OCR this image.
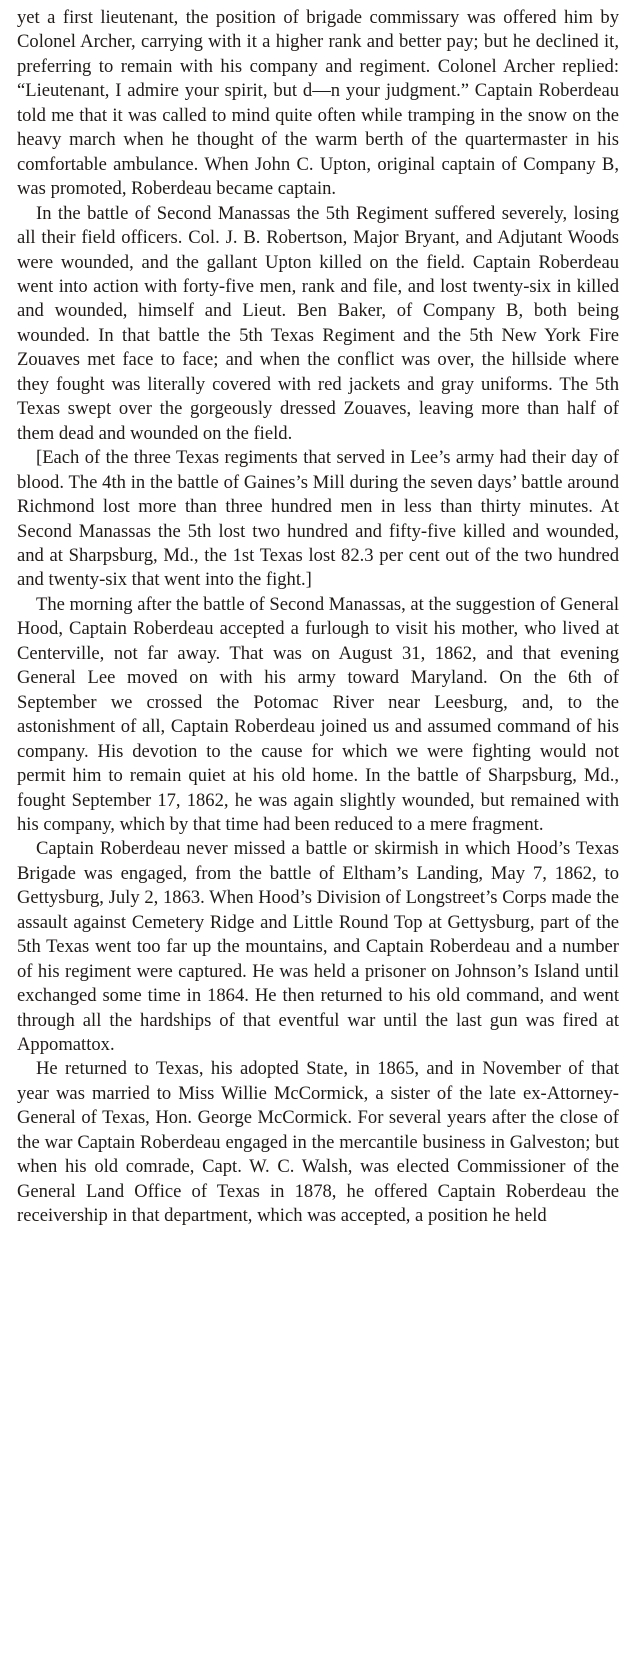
yet a first lieutenant, the position of brigade commissary was offered him by Colonel Archer, carrying with it a higher rank and better pay; but he declined it, preferring to remain with his company and regiment. Colonel Archer replied: “Lieutenant, I admire your spirit, but d—n your judgment.” Captain Roberdeau told me that it was called to mind quite often while tramping in the snow on the heavy march when he thought of the warm berth of the quartermaster in his comfortable ambulance. When John C. Upton, original captain of Company B, was promoted, Roberdeau became captain.

In the battle of Second Manassas the 5th Regiment suffered severely, losing all their field officers. Col. J. B. Robertson, Major Bryant, and Adjutant Woods were wounded, and the gallant Upton killed on the field. Captain Roberdeau went into action with forty-five men, rank and file, and lost twenty-six in killed and wounded, himself and Lieut. Ben Baker, of Company B, both being wounded. In that battle the 5th Texas Regiment and the 5th New York Fire Zouaves met face to face; and when the conflict was over, the hillside where they fought was literally covered with red jackets and gray uniforms. The 5th Texas swept over the gorgeously dressed Zouaves, leaving more than half of them dead and wounded on the field.

[Each of the three Texas regiments that served in Lee’s army had their day of blood. The 4th in the battle of Gaines’s Mill during the seven days’ battle around Richmond lost more than three hundred men in less than thirty minutes. At Second Manassas the 5th lost two hundred and fifty-five killed and wounded, and at Sharpsburg, Md., the 1st Texas lost 82.3 per cent out of the two hundred and twenty-six that went into the fight.]

The morning after the battle of Second Manassas, at the suggestion of General Hood, Captain Roberdeau accepted a furlough to visit his mother, who lived at Centerville, not far away. That was on August 31, 1862, and that evening General Lee moved on with his army toward Maryland. On the 6th of September we crossed the Potomac River near Leesburg, and, to the astonishment of all, Captain Roberdeau joined us and assumed command of his company. His devotion to the cause for which we were fighting would not permit him to remain quiet at his old home. In the battle of Sharpsburg, Md., fought September 17, 1862, he was again slightly wounded, but remained with his company, which by that time had been reduced to a mere fragment.

Captain Roberdeau never missed a battle or skirmish in which Hood’s Texas Brigade was engaged, from the battle of Eltham’s Landing, May 7, 1862, to Gettysburg, July 2, 1863. When Hood’s Division of Longstreet’s Corps made the assault against Cemetery Ridge and Little Round Top at Gettysburg, part of the 5th Texas went too far up the mountains, and Captain Roberdeau and a number of his regiment were captured. He was held a prisoner on Johnson’s Island until exchanged some time in 1864. He then returned to his old command, and went through all the hardships of that eventful war until the last gun was fired at Appomattox.

He returned to Texas, his adopted State, in 1865, and in November of that year was married to Miss Willie McCormick, a sister of the late ex-Attorney-General of Texas, Hon. George McCormick. For several years after the close of the war Captain Roberdeau engaged in the mercantile business in Galveston; but when his old comrade, Capt. W. C. Walsh, was elected Commissioner of the General Land Office of Texas in 1878, he offered Captain Roberdeau the receivership in that department, which was accepted, a position he held
